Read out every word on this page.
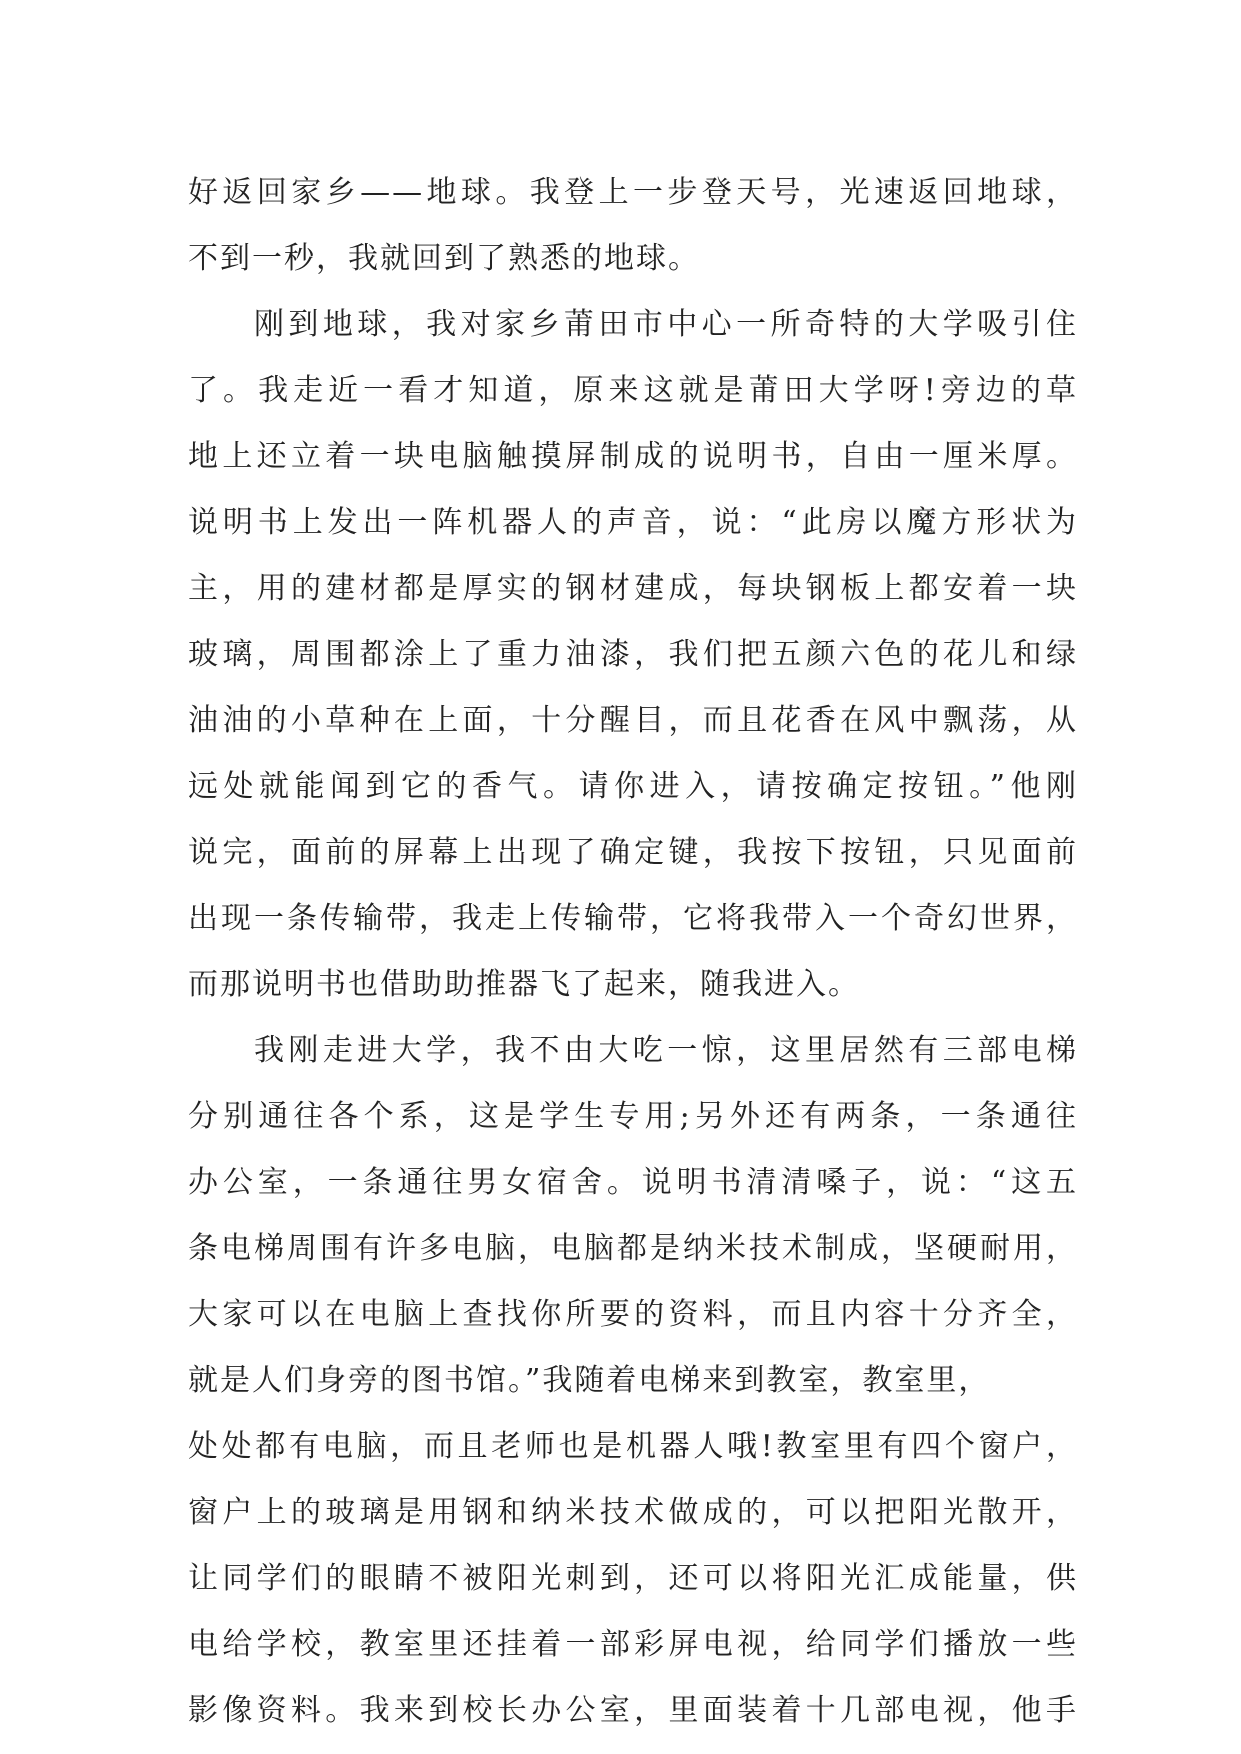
好返回家乡——地球。我登上一步登天号，光速返回地球，
不到一秒，我就回到了熟悉的地球。
刚到地球，我对家乡莆田市中心一所奇特的大学吸引住
了。我走近一看才知道，原来这就是莆田大学呀!旁边的草
地上还立着一块电脑触摸屏制成的说明书，自由一厘米厚。
说明书上发出一阵机器人的声音，说：“此房以魔方形状为
主，用的建材都是厚实的钢材建成，每块钢板上都安着一块
玻璃，周围都涂上了重力油漆，我们把五颜六色的花儿和绿
油油的小草种在上面，十分醒目，而且花香在风中飘荡，从
远处就能闻到它的香气。请你进入，请按确定按钮。”他刚
说完，面前的屏幕上出现了确定键，我按下按钮，只见面前
出现一条传输带，我走上传输带，它将我带入一个奇幻世界，
而那说明书也借助助推器飞了起来，随我进入。
我刚走进大学，我不由大吃一惊，这里居然有三部电梯
分别通往各个系，这是学生专用;另外还有两条，一条通往
办公室，一条通往男女宿舍。说明书清清嗓子，说：“这五
条电梯周围有许多电脑，电脑都是纳米技术制成，坚硬耐用，
大家可以在电脑上查找你所要的资料，而且内容十分齐全，
就是人们身旁的图书馆。”我随着电梯来到教室，教室里，
处处都有电脑，而且老师也是机器人哦!教室里有四个窗户，
窗户上的玻璃是用钢和纳米技术做成的，可以把阳光散开，
让同学们的眼睛不被阳光刺到，还可以将阳光汇成能量，供
电给学校，教室里还挂着一部彩屏电视，给同学们播放一些
影像资料。我来到校长办公室，里面装着十几部电视，他手
